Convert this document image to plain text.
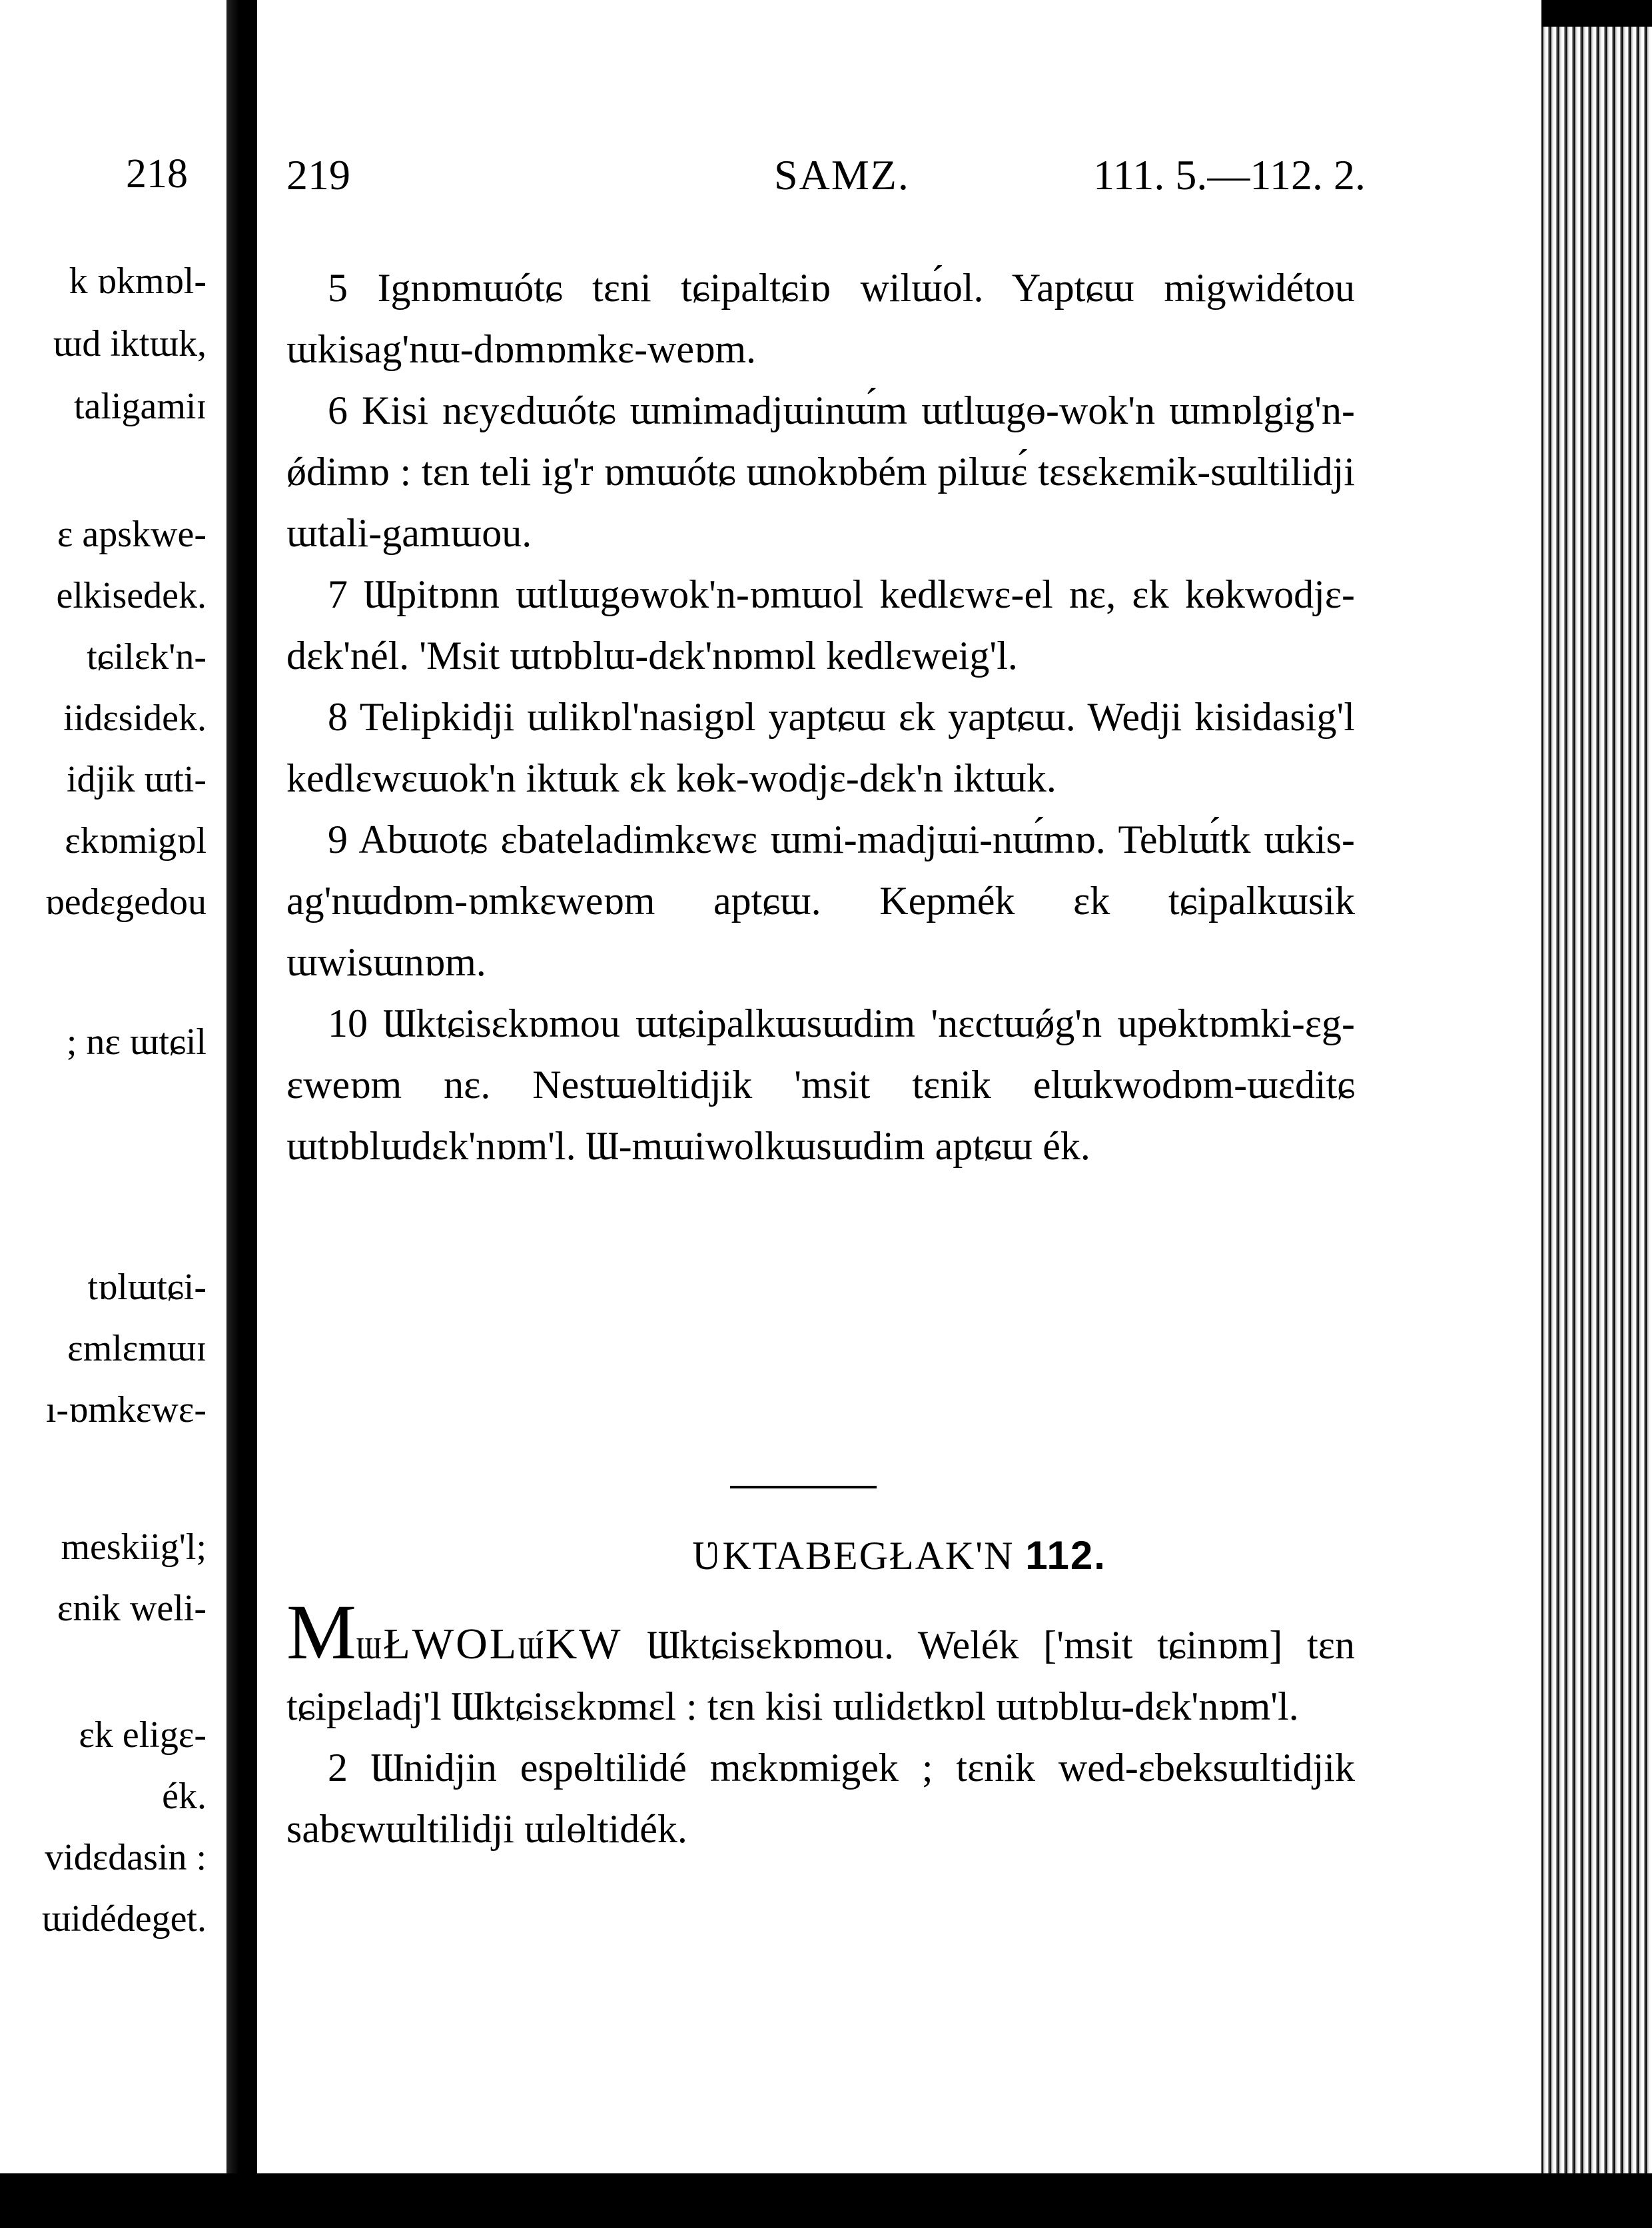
218
k ɒkmɒl-
ɯd iktɯk,
taligamiɪ
ɛ apskwe-
elkisedek.
tɕilɛk'n-
iidɛsidek.
idjik ɯti-
ɛkɒmigɒl
ɒedɛgedou
; nɛ ɯtɕil
tɒlɯtɕi-
ɛmlɛmɯɪ
ı-ɒmkɛwɛ-
meskiig'l;
ɛnik weli-
ɛk eligɛ-
ék.
vidɛdasin :
ɯidédeget.
219	SAMZ.	111. 5.—112. 2.

5 Ignɒmɯótɕ tɛni tɕipaltɕiɒ wilɯ́ol. Yaptɕɯ migwidétou ɯkisag'nɯ-dɒmɒmkɛ-weɒm.

6 Kisi nɛyɛdɯótɕ ɯmimadjɯinɯ́m ɯtlɯgɵ-wok'n ɯmɒlgig'n-ǿdimɒ : tɛn teli ig'r ɒmɯótɕ ɯnokɒbém pilɯɛ́ tɛsɛkɛmik-sɯltilidji ɯtali-gamɯou.

7 Ɯpitɒnn ɯtlɯgɵwok'n-ɒmɯol kedlɛwɛ-el nɛ, ɛk kɵkwodjɛ-dɛk'nél. 'Msit ɯtɒblɯ-dɛk'nɒmɒl kedlɛweig'l.

8 Telipkidji ɯlikɒl'nasigɒl yaptɕɯ ɛk yaptɕɯ. Wedji kisidasig'l kedlɛwɛɯok'n iktɯk ɛk kɵk-wodjɛ-dɛk'n iktɯk.

9 Abɯotɕ ɛbateladimkɛwɛ ɯmi-madjɯi-nɯ́mɒ. Teblɯ́tk ɯkis-ag'nɯdɒm-ɒmkɛweɒm aptɕɯ. Kepmék ɛk tɕipalkɯsik ɯwisɯnɒm.

10 Ɯktɕisɛkɒmou ɯtɕipalkɯsɯdim 'nɛctɯǿg'n upɵktɒmki-ɛg-ɛweɒm nɛ. Nestɯɵltidjik 'msit tɛnik elɯkwodɒm-ɯɛditɕ ɯtɒblɯdɛk'nɒm'l. Ɯ-mɯiwolkɯsɯdim aptɕɯ ék.

ƲKTABEGŁAK'N 112.

MɯŁWOLɯ́KW Ɯktɕisɛkɒmou. Welék ['msit tɕinɒm] tɛn tɕipɛladj'l Ɯktɕisɛkɒmɛl : tɛn kisi ɯlidɛtkɒl ɯtɒblɯ-dɛk'nɒm'l.

2 Ɯnidjin espɵltilidé mɛkɒmigek ; tɛnik wed-ɛbeksɯltidjik sabɛwɯltilidji ɯlɵltidék.
